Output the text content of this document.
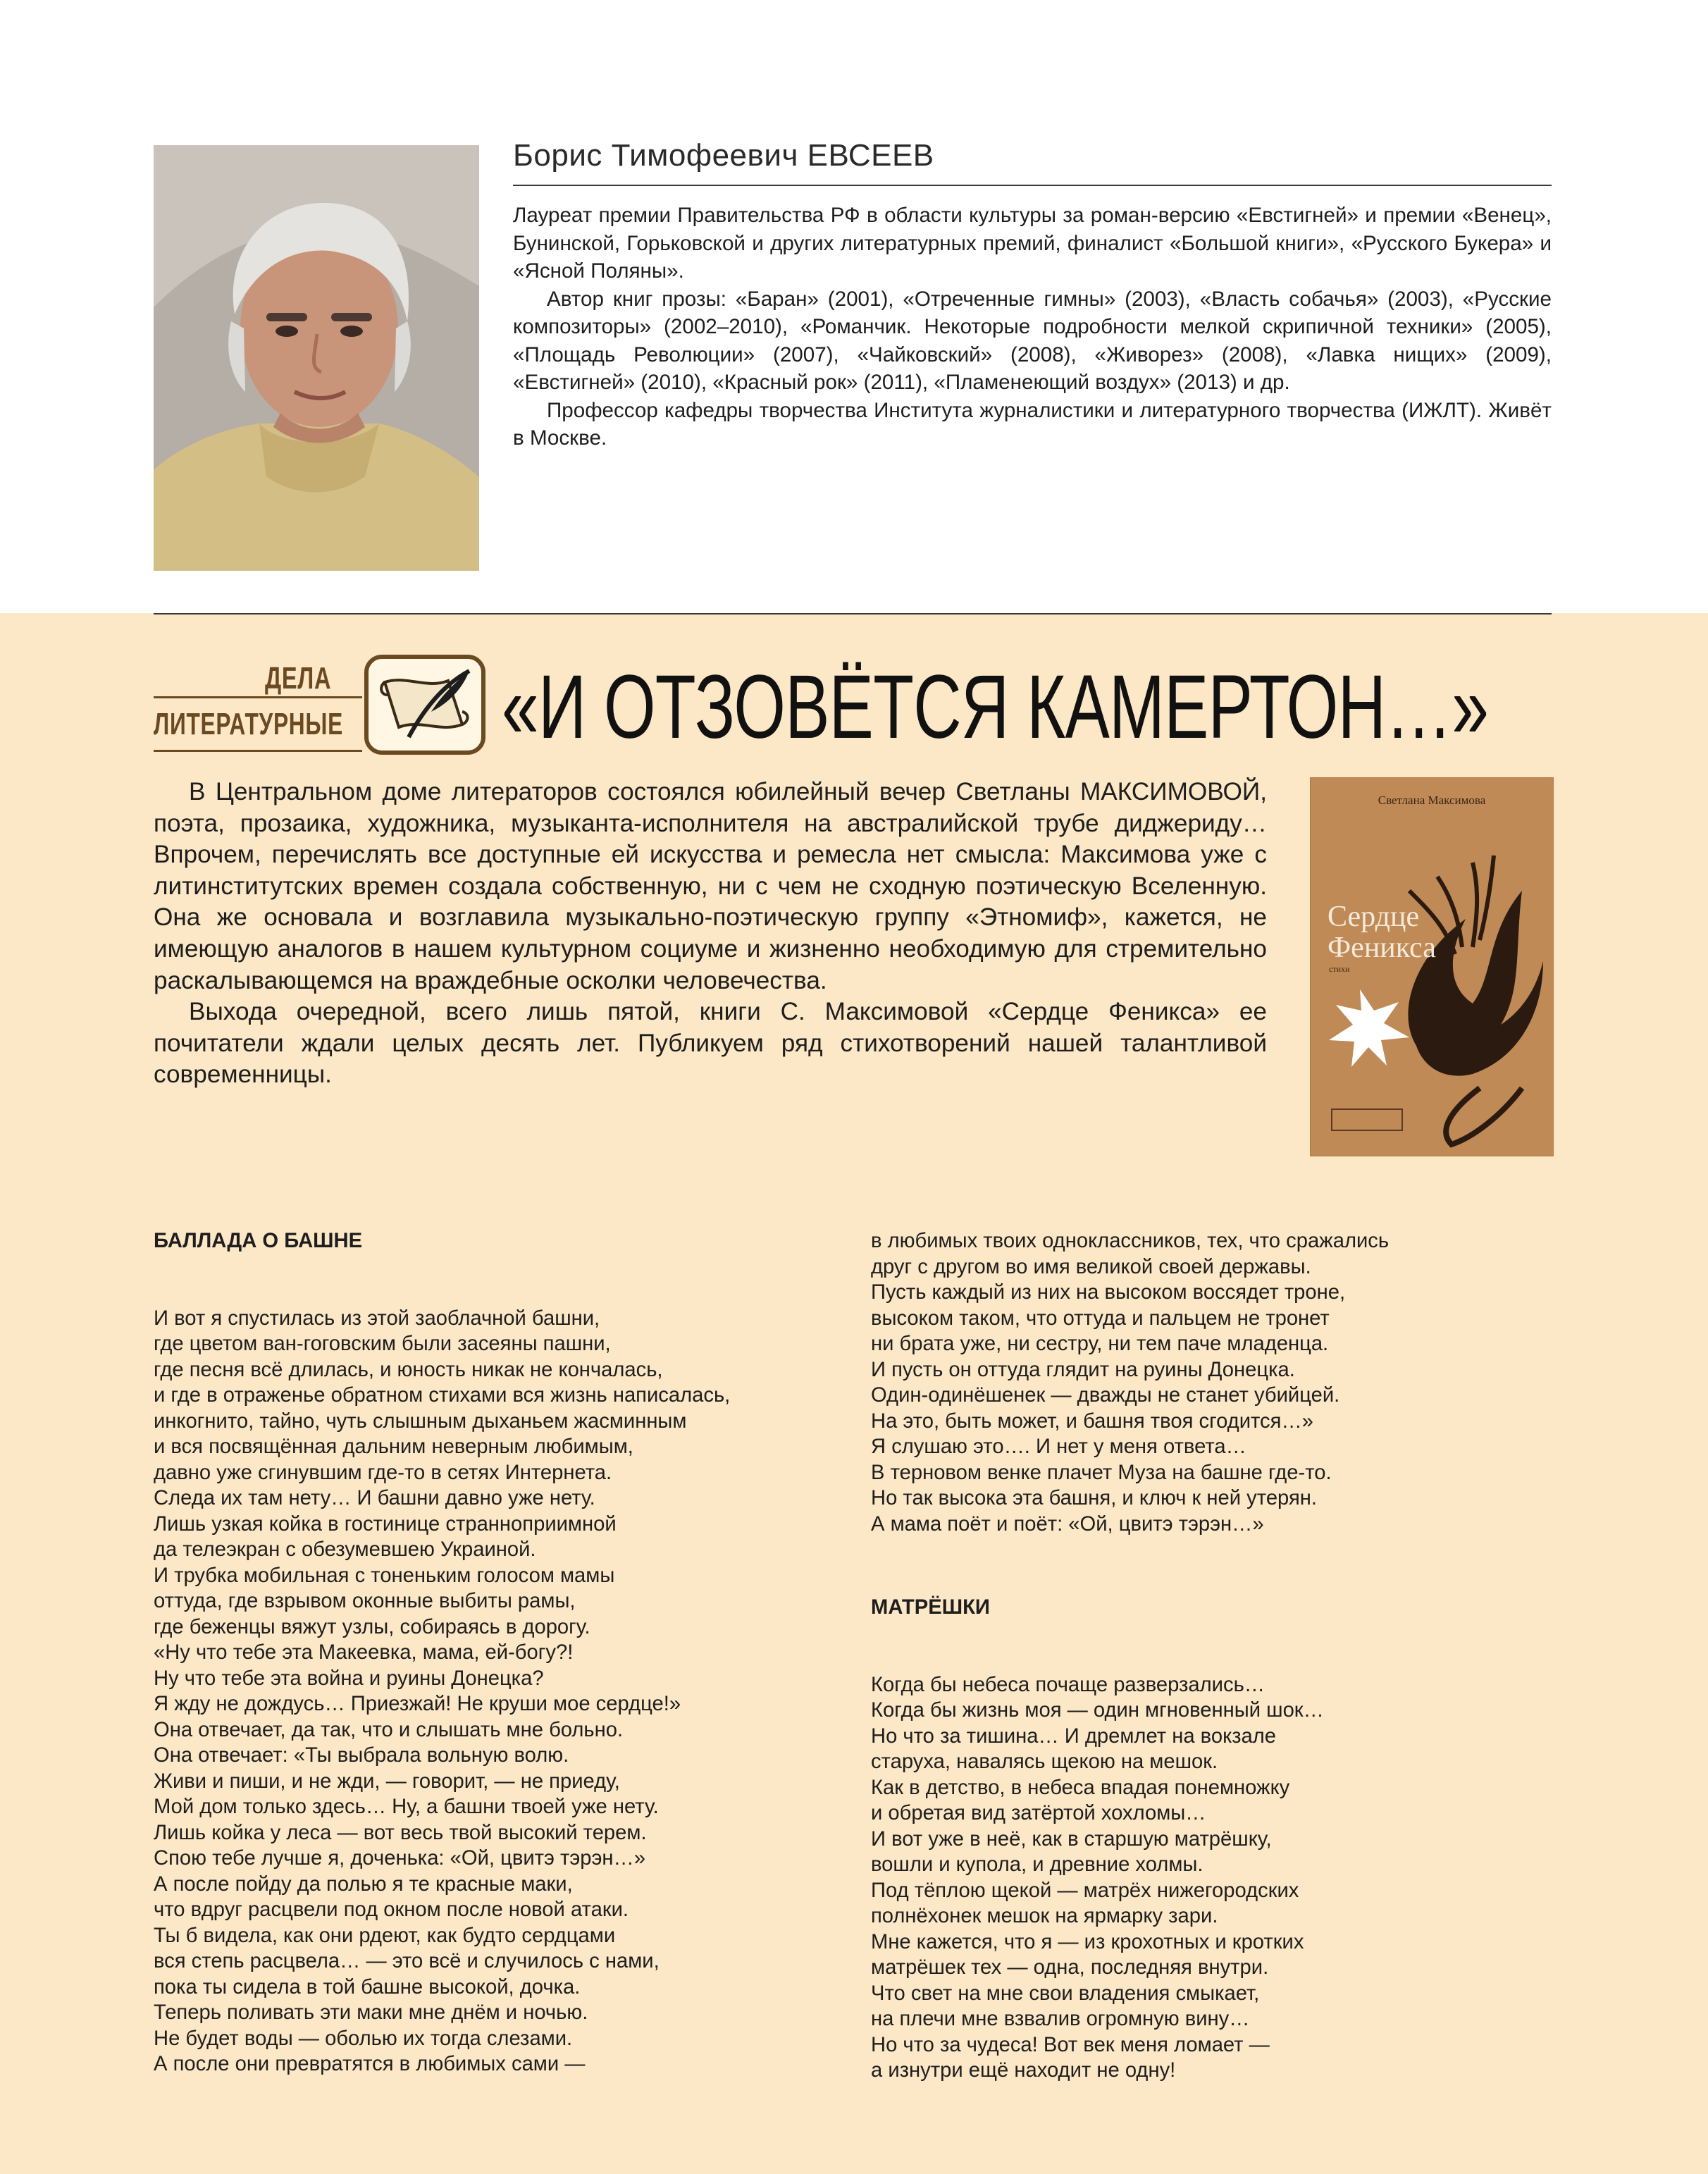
Борис Тимофеевич ЕВСЕЕВ

Лауреат премии Правительства РФ в области культуры за роман-версию «Евстигней» и премии «Венец», Бунинской, Горьковской и других литературных премий, финалист «Большой книги», «Русского Букера» и «Ясной Поляны».

Автор книг прозы: «Баран» (2001), «Отреченные гимны» (2003), «Власть собачья» (2003), «Русские композиторы» (2002–2010), «Романчик. Некоторые подробности мелкой скрипичной техники» (2005), «Площадь Революции» (2007), «Чайковский» (2008), «Живорез» (2008), «Лавка нищих» (2009), «Евстигней» (2010), «Красный рок» (2011), «Пламенеющий воздух» (2013) и др.

Профессор кафедры творчества Института журналистики и литературного творчества (ИЖЛТ). Живёт в Москве.

ДЕЛА
ЛИТЕРАТУРНЫЕ «И ОТЗОВЁТСЯ КАМЕРТОН…»

В Центральном доме литераторов состоялся юбилейный вечер Светланы МАКСИМОВОЙ, поэта, прозаика, художника, музыканта-исполнителя на австралийской трубе диджериду… Впрочем, перечислять все доступные ей искусства и ремесла нет смысла: Максимова уже с литинститутских времен создала собственную, ни с чем не сходную поэтическую Вселенную. Она же основала и возглавила музыкально-поэтическую группу «Этномиф», кажется, не имеющую аналогов в нашем культурном социуме и жизненно необходимую для стремительно раскалывающемся на враждебные осколки человечества.

Выхода очередной, всего лишь пятой, книги С. Максимовой «Сердце Феникса» ее почитатели ждали целых десять лет. Публикуем ряд стихотворений нашей талантливой современницы.

Светлана Максимова
Сердце
Феникса
стихи

БАЛЛАДА О БАШНЕ

И вот я спустилась из этой заоблачной башни,
где цветом ван-гоговским были засеяны пашни,
где песня всё длилась, и юность никак не кончалась,
и где в отраженье обратном стихами вся жизнь написалась,
инкогнито, тайно, чуть слышным дыханьем жасминным
и вся посвящённая дальним неверным любимым,
давно уже сгинувшим где-то в сетях Интернета.
Следа их там нету… И башни давно уже нету.
Лишь узкая койка в гостинице странноприимной
да телеэкран с обезумевшею Украиной.
И трубка мобильная с тоненьким голосом мамы
оттуда, где взрывом оконные выбиты рамы,
где беженцы вяжут узлы, собираясь в дорогу.
«Ну что тебе эта Макеевка, мама, ей-богу?!
Ну что тебе эта война и руины Донецка?
Я жду не дождусь… Приезжай! Не круши мое сердце!»
Она отвечает, да так, что и слышать мне больно.
Она отвечает: «Ты выбрала вольную волю.
Живи и пиши, и не жди, — говорит, — не приеду,
Мой дом только здесь… Ну, а башни твоей уже нету.
Лишь койка у леса — вот весь твой высокий терем.
Спою тебе лучше я, доченька: «Ой, цвитэ тэрэн…»
А после пойду да полью я те красные маки,
что вдруг расцвели под окном после новой атаки.
Ты б видела, как они рдеют, как будто сердцами
вся степь расцвела… — это всё и случилось с нами,
пока ты сидела в той башне высокой, дочка.
Теперь поливать эти маки мне днём и ночью.
Не будет воды — оболью их тогда слезами.
А после они превратятся в любимых сами —

в любимых твоих одноклассников, тех, что сражались
друг с другом во имя великой своей державы.
Пусть каждый из них на высоком воссядет троне,
высоком таком, что оттуда и пальцем не тронет
ни брата уже, ни сестру, ни тем паче младенца.
И пусть он оттуда глядит на руины Донецка.
Один-одинёшенек — дважды не станет убийцей.
На это, быть может, и башня твоя сгодится…»
Я слушаю это…. И нет у меня ответа…
В терновом венке плачет Муза на башне где-то.
Но так высока эта башня, и ключ к ней утерян.
А мама поёт и поёт: «Ой, цвитэ тэрэн…»

МАТРЁШКИ

Когда бы небеса почаще разверзались…
Когда бы жизнь моя — один мгновенный шок…
Но что за тишина… И дремлет на вокзале
старуха, навалясь щекою на мешок.
Как в детство, в небеса впадая понемножку
и обретая вид затёртой хохломы…
И вот уже в неё, как в старшую матрёшку,
вошли и купола, и древние холмы.
Под тёплою щекой — матрёх нижегородских
полнёхонек мешок на ярмарку зари.
Мне кажется, что я — из крохотных и кротких
матрёшек тех — одна, последняя внутри.
Что свет на мне свои владения смыкает,
на плечи мне взвалив огромную вину…
Но что за чудеса! Вот век меня ломает —
а изнутри ещё находит не одну!
